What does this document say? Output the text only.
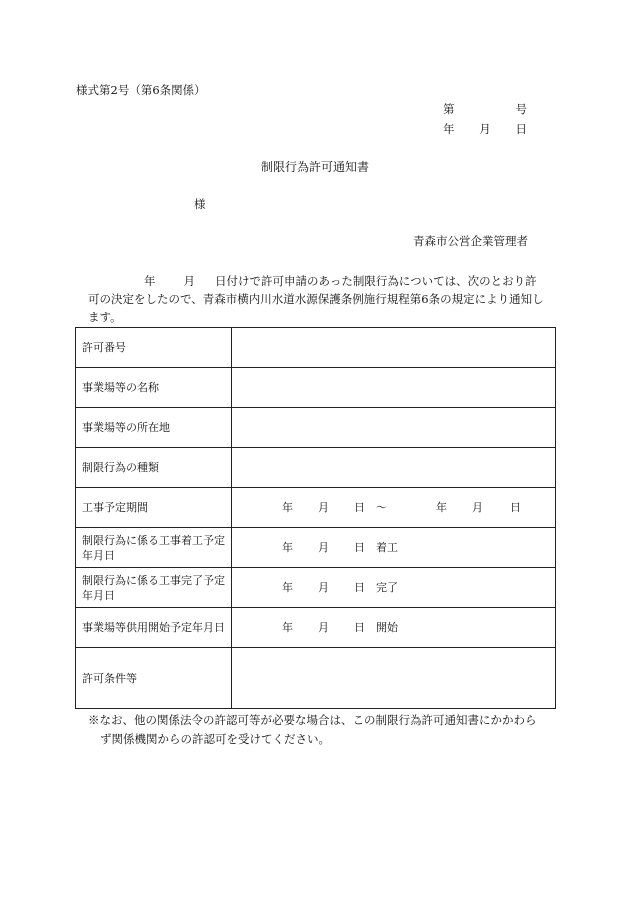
様式第2号（第6条関係）
第	号
年 月 日
制限行為許可通知書
様
青森市公営企業管理者
年 月 日付けで許可申請のあった制限行為については、次のとおり許
可の決定をしたので、青森市横内川水道水源保護条例施行規程第6条の規定により通知し
ます。
許可番号	
事業場等の名称	
事業場等の所在地	
制限行為の種類	
工事予定期間	年 月 日 ～ 年 月 日
制限行為に係る工事着工予定年月日	年 月 日 着工
制限行為に係る工事完了予定年月日	年 月 日 完了
事業場等供用開始予定年月日	年 月 日 開始
許可条件等	
※なお、他の関係法令の許認可等が必要な場合は、この制限行為許可通知書にかかわら
ず関係機関からの許認可を受けてください。
